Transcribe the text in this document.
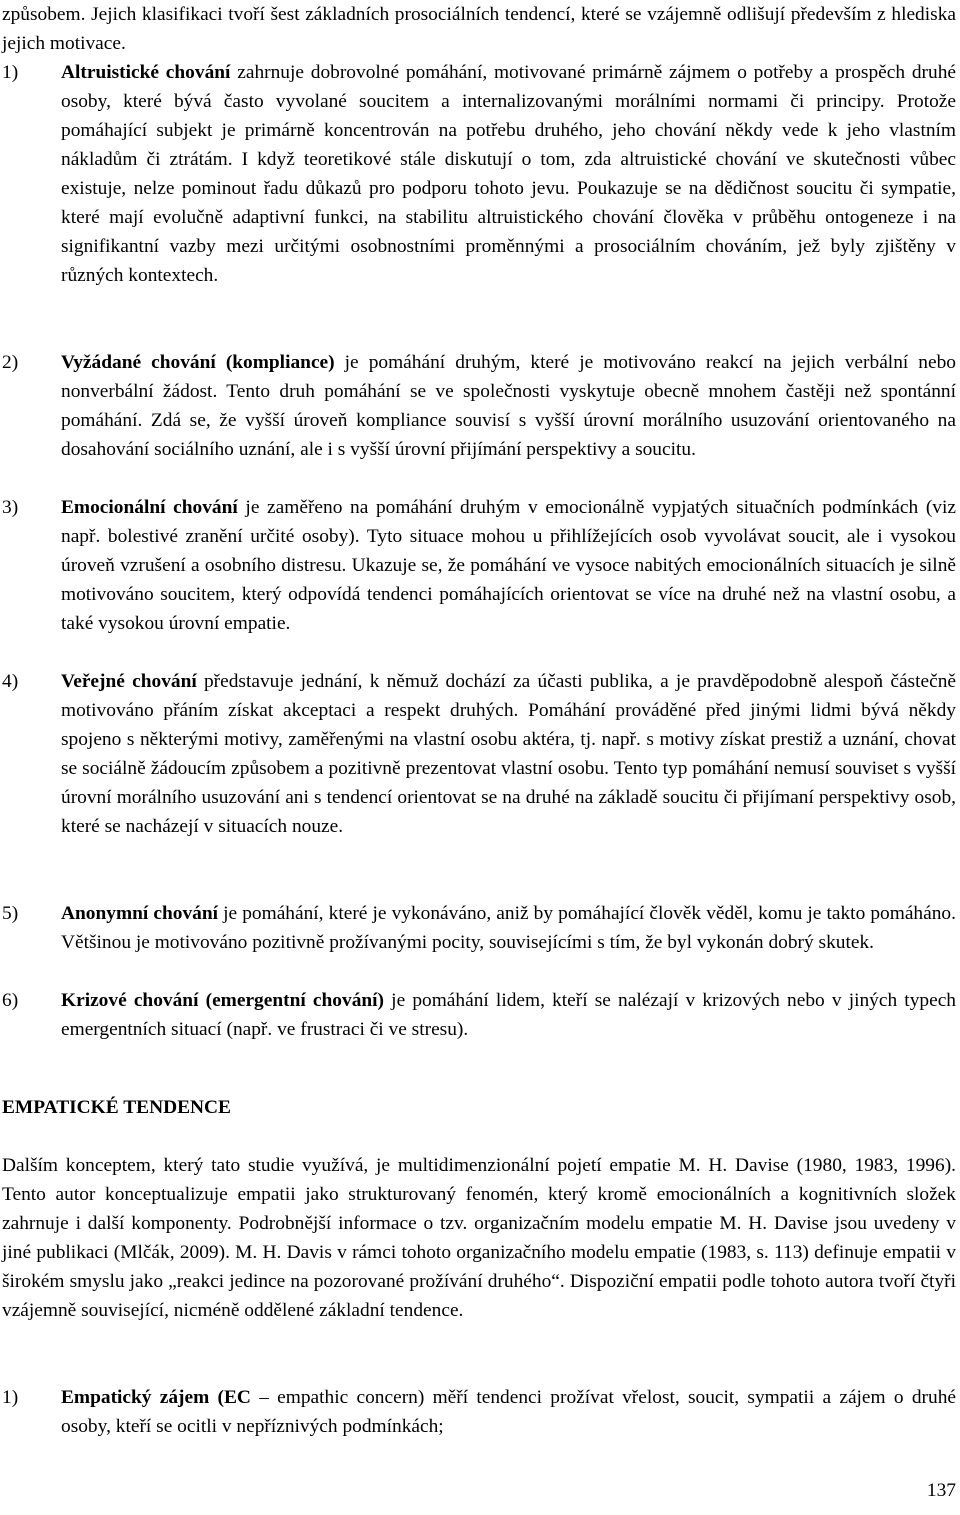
způsobem. Jejich klasifikaci tvoří šest základních prosociálních tendencí, které se vzájemně odlišují především z hlediska jejich motivace.

1) Altruistické chování zahrnuje dobrovolné pomáhání, motivované primárně zájmem o potřeby a prospěch druhé osoby, které bývá často vyvolané soucitem a internalizovanými morálními normami či principy. Protože pomáhající subjekt je primárně koncentrován na potřebu druhého, jeho chování někdy vede k jeho vlastním nákladům či ztrátám. I když teoretikové stále diskutují o tom, zda altruistické chování ve skutečnosti vůbec existuje, nelze pominout řadu důkazů pro podporu tohoto jevu. Poukazuje se na dědičnost soucitu či sympatie, které mají evolučně adaptivní funkci, na stabilitu altruistického chování člověka v průběhu ontogeneze i na signifikantní vazby mezi určitými osobnostními proměnnými a prosociálním chováním, jež byly zjištěny v různých kontextech.
2) Vyžádané chování (kompliance) je pomáhání druhým, které je motivováno reakcí na jejich verbální nebo nonverbální žádost. Tento druh pomáhání se ve společnosti vyskytuje obecně mnohem častěji než spontánní pomáhání. Zdá se, že vyšší úroveň kompliance souvisí s vyšší úrovní morálního usuzování orientovaného na dosahování sociálního uznání, ale i s vyšší úrovní přijímání perspektivy a soucitu.
3) Emocionální chování je zaměřeno na pomáhání druhým v emocionálně vypjatých situačních podmínkách (viz např. bolestivé zranění určité osoby). Tyto situace mohou u přihlížejících osob vyvolávat soucit, ale i vysokou úroveň vzrušení a osobního distresu. Ukazuje se, že pomáhání ve vysoce nabitých emocionálních situacích je silně motivováno soucitem, který odpovídá tendenci pomáhajících orientovat se více na druhé než na vlastní osobu, a také vysokou úrovní empatie.
4) Veřejné chování představuje jednání, k němuž dochází za účasti publika, a je pravděpodobně alespoň částečně motivováno přáním získat akceptaci a respekt druhých. Pomáhání prováděné před jinými lidmi bývá někdy spojeno s některými motivy, zaměřenými na vlastní osobu aktéra, tj. např. s motivy získat prestiž a uznání, chovat se sociálně žádoucím způsobem a pozitivně prezentovat vlastní osobu. Tento typ pomáhání nemusí souviset s vyšší úrovní morálního usuzování ani s tendencí orientovat se na druhé na základě soucitu či přijímaní perspektivy osob, které se nacházejí v situacích nouze.
5) Anonymní chování je pomáhání, které je vykonáváno, aniž by pomáhající člověk věděl, komu je takto pomáháno. Většinou je motivováno pozitivně prožívanými pocity, souvisejícími s tím, že byl vykonán dobrý skutek.
6) Krizové chování (emergentní chování) je pomáhání lidem, kteří se nalézají v krizových nebo v jiných typech emergentních situací (např. ve frustraci či ve stresu).
EMPATICKÉ TENDENCE

Dalším konceptem, který tato studie využívá, je multidimenzionální pojetí empatie M. H. Davise (1980, 1983, 1996). Tento autor konceptualizuje empatii jako strukturovaný fenomén, který kromě emocionálních a kognitivních složek zahrnuje i další komponenty. Podrobnější informace o tzv. organizačním modelu empatie M. H. Davise jsou uvedeny v jiné publikaci (Mlčák, 2009). M. H. Davis v rámci tohoto organizačního modelu empatie (1983, s. 113) definuje empatii v širokém smyslu jako „reakci jedince na pozorované prožívání druhého“. Dispoziční empatii podle tohoto autora tvoří čtyři vzájemně související, nicméně oddělené základní tendence.

1) Empatický zájem (EC – empathic concern) měří tendenci prožívat vřelost, soucit, sympatii a zájem o druhé osoby, kteří se ocitli v nepříznivých podmínkách;
137
